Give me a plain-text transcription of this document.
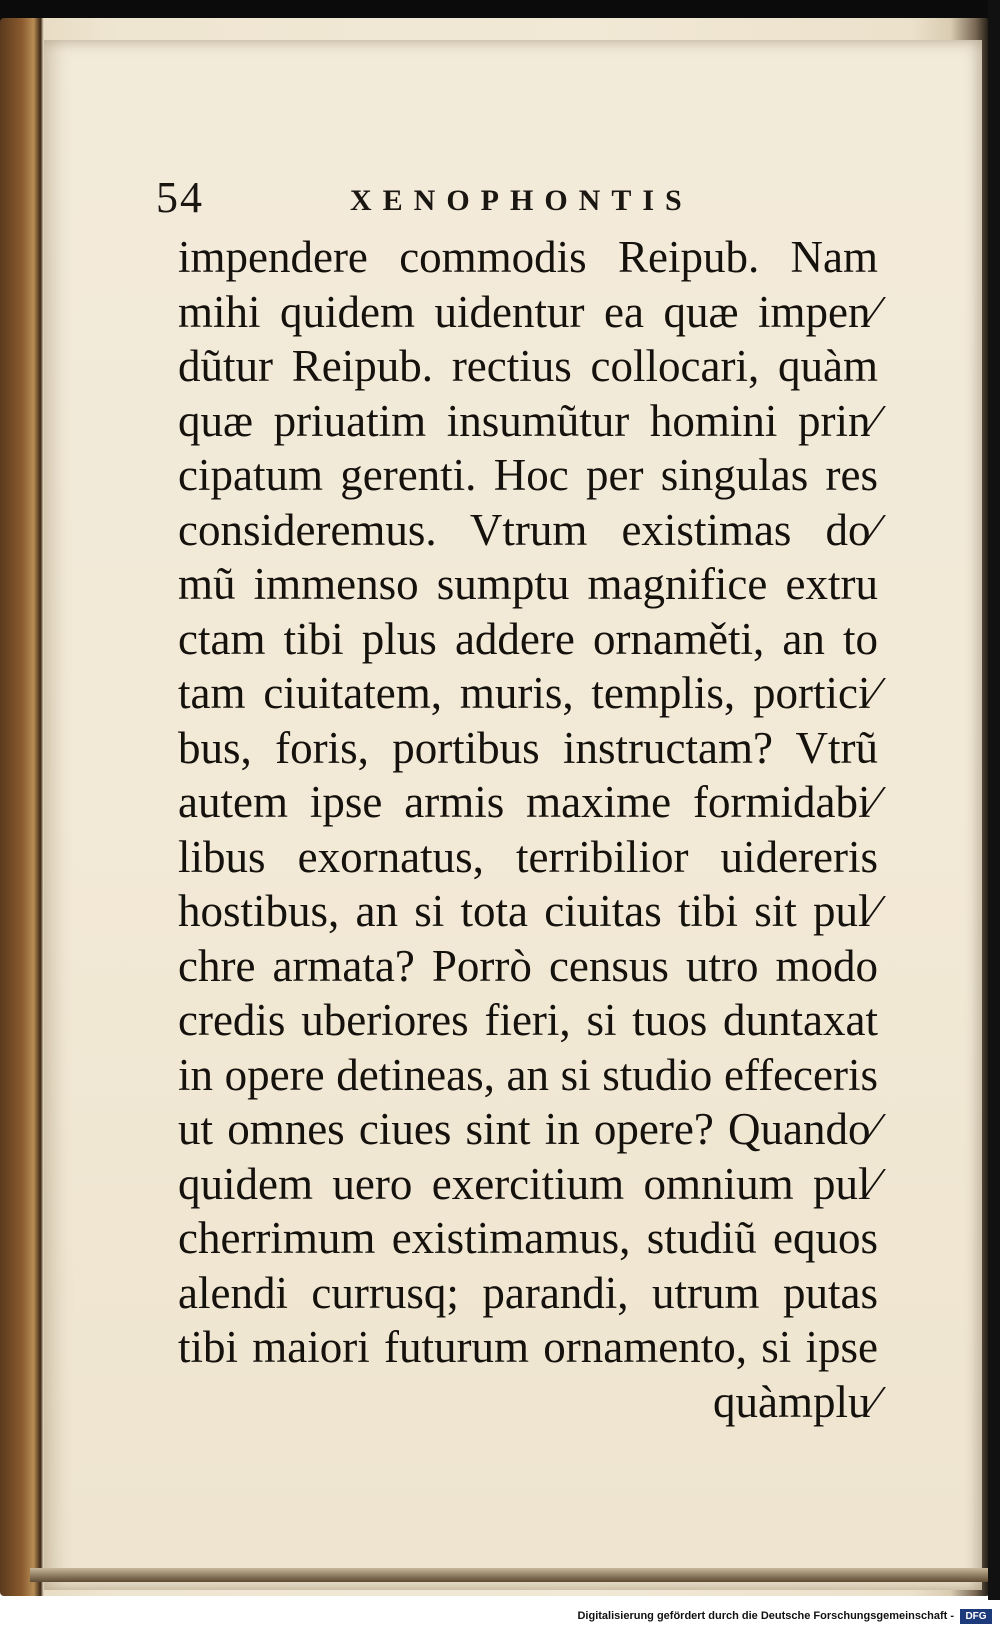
54	XENOPHONTIS
impendere commodis Reipub. Nam
mihi quidem uidentur ea quæ impen⁄
dũtur Reipub. rectius collocari, quàm
quæ priuatim insumũtur homini prin⁄
cipatum gerenti. Hoc per singulas res
consideremus. Vtrum existimas do⁄
mũ immenso sumptu magnifice extru
ctam tibi plus addere ornaměti, an to
tam ciuitatem, muris, templis, portici⁄
bus, foris, portibus instructam? Vtrũ
autem ipse armis maxime formidabi⁄
libus exornatus, terribilior uidereris
hostibus, an si tota ciuitas tibi sit pul⁄
chre armata? Porrò census utro modo
credis uberiores fieri, si tuos duntaxat
in opere detineas, an si studio effeceris
ut omnes ciues sint in opere? Quando⁄
quidem uero exercitium omnium pul⁄
cherrimum existimamus, studiũ equos
alendi currusq; parandi, utrum putas
tibi maiori futurum ornamento, si ipse
quàmplu⁄
Digitalisierung gefördert durch die Deutsche Forschungsgemeinschaft -	DFG
